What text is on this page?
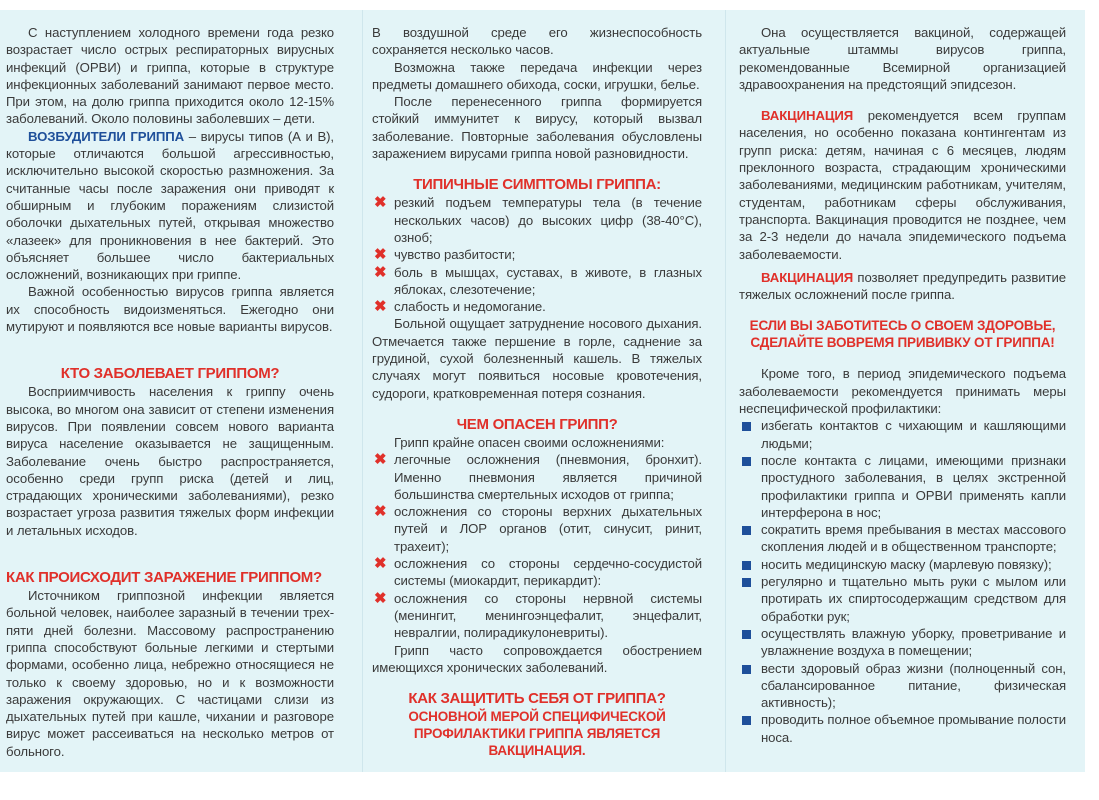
С наступлением холодного времени года резко возрастает число острых респираторных вирусных инфекций (ОРВИ) и гриппа, которые в структуре инфекционных заболеваний занимают первое место. При этом, на долю гриппа приходится около 12-15% заболеваний. Около половины заболевших – дети.

ВОЗБУДИТЕЛИ ГРИППА – вирусы типов (А и В), которые отличаются большой агрессивностью, исключительно высокой скоростью размножения. За считанные часы после заражения они приводят к обширным и глубоким поражениям слизистой оболочки дыхательных путей, открывая множество «лазеек» для проникновения в нее бактерий. Это объясняет большее число бактериальных осложнений, возникающих при гриппе.

Важной особенностью вирусов гриппа является их способность видоизменяться. Ежегодно они мутируют и появляются все новые варианты вирусов.

КТО ЗАБОЛЕВАЕТ ГРИППОМ?

Восприимчивость населения к гриппу очень высока, во многом она зависит от степени изменения вирусов. При появлении совсем нового варианта вируса население оказывается не защищенным. Заболевание очень быстро распространяется, особенно среди групп риска (детей и лиц, страдающих хроническими заболеваниями), резко возрастает угроза развития тяжелых форм инфекции и летальных исходов.

КАК ПРОИСХОДИТ ЗАРАЖЕНИЕ ГРИППОМ?

Источником гриппозной инфекции является больной человек, наиболее заразный в течении трех-пяти дней болезни. Массовому распространению гриппа способствуют больные легкими и стертыми формами, особенно лица, небрежно относящиеся не только к своему здоровью, но и к возможности заражения окружающих. С частицами слизи из дыхательных путей при кашле, чихании и разговоре вирус может рассеиваться на несколько метров от больного.

В воздушной среде его жизнеспособность сохраняется несколько часов.

Возможна также передача инфекции через предметы домашнего обихода, соски, игрушки, белье.

После перенесенного гриппа формируется стойкий иммунитет к вирусу, который вызвал заболевание. Повторные заболевания обусловлены заражением вирусами гриппа новой разновидности.

ТИПИЧНЫЕ СИМПТОМЫ ГРИППА:
✖ резкий подъем температуры тела (в течение нескольких часов) до высоких цифр (38-40°С), озноб;
✖ чувство разбитости;
✖ боль в мышцах, суставах, в животе, в глазных яблоках, слезотечение;
✖ слабость и недомогание.

Больной ощущает затруднение носового дыхания. Отмечается также першение в горле, саднение за грудиной, сухой болезненный кашель. В тяжелых случаях могут появиться носовые кровотечения, судороги, кратковременная потеря сознания.

ЧЕМ ОПАСЕН ГРИПП?

Грипп крайне опасен своими осложнениями:

✖ легочные осложнения (пневмония, бронхит). Именно пневмония является причиной большинства смертельных исходов от гриппа;
✖ осложнения со стороны верхних дыхательных путей и ЛОР органов (отит, синусит, ринит, трахеит);
✖ осложнения со стороны сердечно-сосудистой системы (миокардит, перикардит):
✖ осложнения со стороны нервной системы (менингит, менингоэнцефалит, энцефалит, невралгии, полирадикулоневриты).

Грипп часто сопровождается обострением имеющихся хронических заболеваний.

КАК ЗАЩИТИТЬ СЕБЯ ОТ ГРИППА?
ОСНОВНОЙ МЕРОЙ СПЕЦИФИЧЕСКОЙ
ПРОФИЛАКТИКИ ГРИППА ЯВЛЯЕТСЯ ВАКЦИНАЦИЯ.

Она осуществляется вакциной, содержащей актуальные штаммы вирусов гриппа, рекомендованные Всемирной организацией здравоохранения на предстоящий эпидсезон.

ВАКЦИНАЦИЯ рекомендуется всем группам населения, но особенно показана контингентам из групп риска: детям, начиная с 6 месяцев, людям преклонного возраста, страдающим хроническими заболеваниями, медицинским работникам, учителям, студентам, работникам сферы обслуживания, транспорта. Вакцинация проводится не позднее, чем за 2-3 недели до начала эпидемического подъема заболеваемости.

ВАКЦИНАЦИЯ позволяет предупредить развитие тяжелых осложнений после гриппа.

ЕСЛИ ВЫ ЗАБОТИТЕСЬ О СВОЕМ ЗДОРОВЬЕ,
СДЕЛАЙТЕ ВОВРЕМЯ ПРИВИВКУ ОТ ГРИППА!

Кроме того, в период эпидемического подъема заболеваемости рекомендуется принимать меры неспецифической профилактики:

избегать контактов с чихающим и кашляющими людьми;
после контакта с лицами, имеющими признаки простудного заболевания, в целях экстренной профилактики гриппа и ОРВИ применять капли интерферона в нос;
сократить время пребывания в местах массового скопления людей и в общественном транспорте;
носить медицинскую маску (марлевую повязку);
регулярно и тщательно мыть руки с мылом или протирать их спиртосодержащим средством для обработки рук;
осуществлять влажную уборку, проветривание и увлажнение воздуха в помещении;
вести здоровый образ жизни (полноценный сон, сбалансированное питание, физическая активность);
проводить полное объемное промывание полости носа.
